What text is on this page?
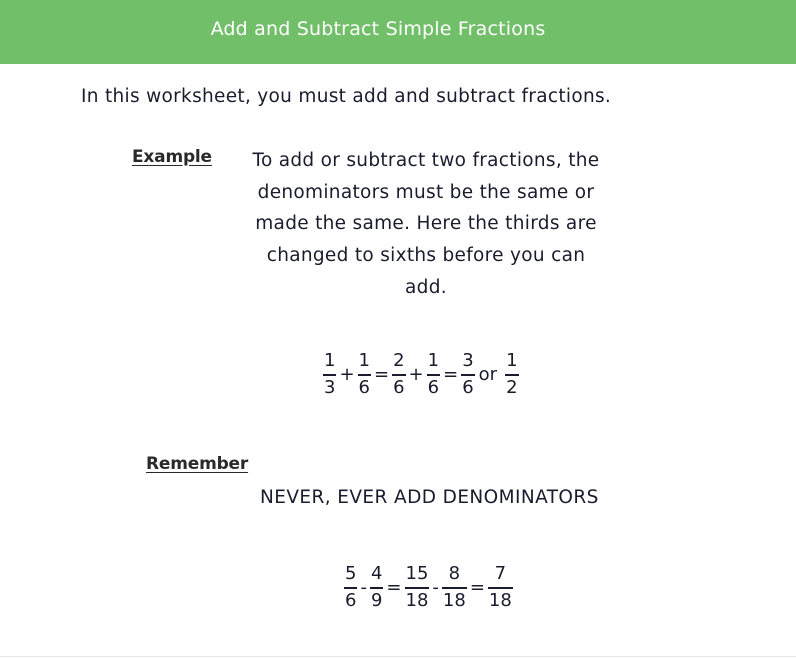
Add and Subtract Simple Fractions
In this worksheet, you must add and subtract fractions.
Example	To add or subtract two fractions, the
denominators must be the same or
made the same. Here the thirds are
changed to sixths before you can
add.
$\frac{1}{3} + \frac{1}{6} = \frac{2}{6} + \frac{1}{6} = \frac{3}{6}$ or $\frac{1}{2}$
Remember
NEVER, EVER ADD DENOMINATORS
$\frac{5}{6} - \frac{4}{9} = \frac{15}{18} - \frac{8}{18} = \frac{7}{18}$
